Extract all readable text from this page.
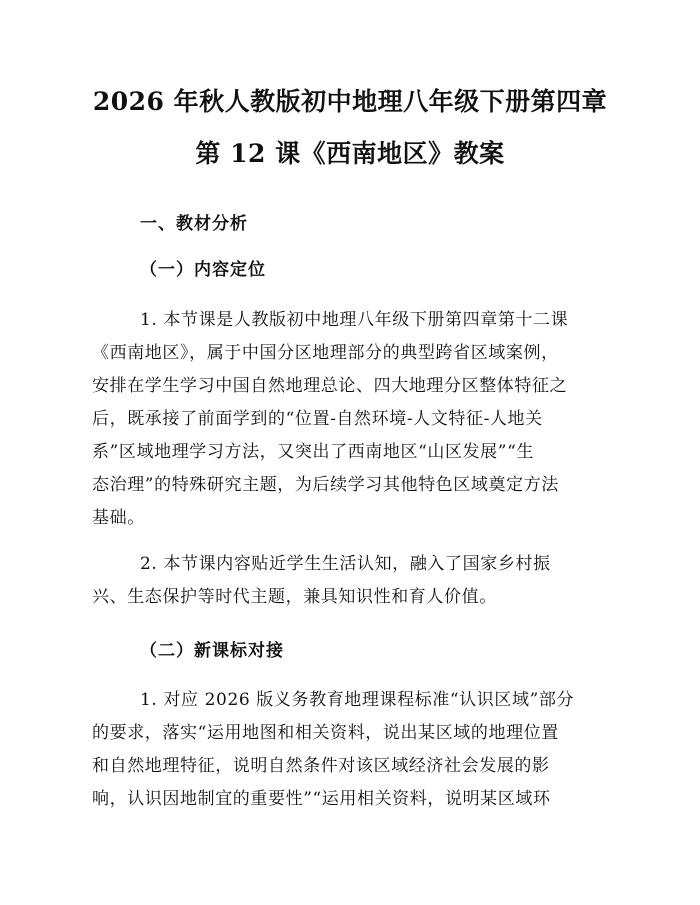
2026 年秋人教版初中地理八年级下册第四章
第 12 课《西南地区》教案
一、教材分析
（一）内容定位

1. 本节课是人教版初中地理八年级下册第四章第十二课
《西南地区》，属于中国分区地理部分的典型跨省区域案例，
安排在学生学习中国自然地理总论、四大地理分区整体特征之
后，既承接了前面学到的“位置-自然环境-人文特征-人地关
系”区域地理学习方法，又突出了西南地区“山区发展”“生
态治理”的特殊研究主题，为后续学习其他特色区域奠定方法
基础。

2. 本节课内容贴近学生生活认知，融入了国家乡村振
兴、生态保护等时代主题，兼具知识性和育人价值。

（二）新课标对接

1. 对应 2026 版义务教育地理课程标准“认识区域”部分
的要求，落实“运用地图和相关资料，说出某区域的地理位置
和自然地理特征，说明自然条件对该区域经济社会发展的影
响，认识因地制宜的重要性”“运用相关资料，说明某区域环
